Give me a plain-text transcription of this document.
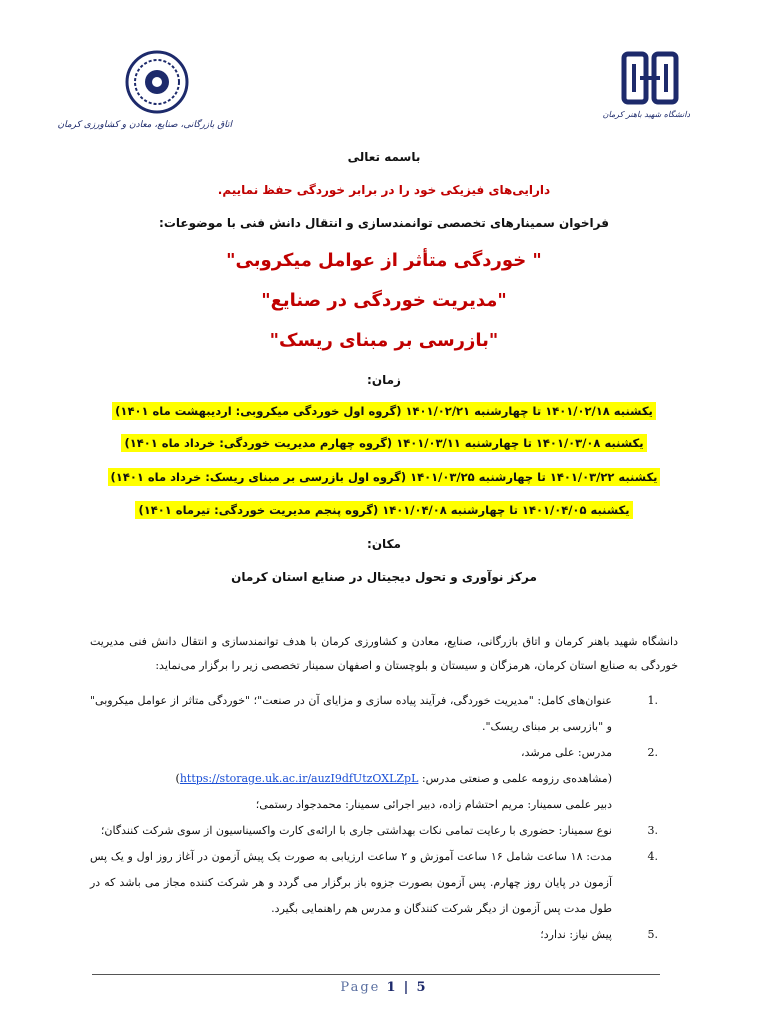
اتاق بازرگانی، صنایع، معادن و کشاورزی کرمان
دانشگاه شهید باهنر کرمان
باسمه تعالی
دارایی‌های فیزیکی خود را در برابر خوردگی حفظ نماییم.
فراخوان سمینارهای تخصصی توانمندسازی و انتقال دانش فنی با موضوعات:
" خوردگی متأثر از عوامل میکروبی"
"مدیریت خوردگی در صنایع"
"بازرسی بر مبنای ریسک"
زمان:
یکشنبه ۱۴۰۱/۰۲/۱۸ تا چهارشنبه ۱۴۰۱/۰۲/۲۱ (گروه اول خوردگی میکروبی: اردیبهشت ماه ۱۴۰۱)
یکشنبه ۱۴۰۱/۰۳/۰۸ تا چهارشنبه ۱۴۰۱/۰۳/۱۱ (گروه چهارم مدیریت خوردگی: خرداد ماه ۱۴۰۱)
یکشنبه ۱۴۰۱/۰۳/۲۲ تا چهارشنبه ۱۴۰۱/۰۳/۲۵ (گروه اول بازرسی بر مبنای ریسک: خرداد ماه ۱۴۰۱)
یکشنبه ۱۴۰۱/۰۴/۰۵ تا چهارشنبه ۱۴۰۱/۰۴/۰۸ (گروه پنجم مدیریت خوردگی: تیرماه ۱۴۰۱)
مکان:
مرکز نوآوری و تحول دیجیتال در صنایع استان کرمان
دانشگاه شهید باهنر کرمان و اتاق بازرگانی، صنایع، معادن و کشاورزی کرمان با هدف توانمندسازی و انتقال دانش فنی مدیریت خوردگی به صنایع استان کرمان، هرمزگان و سیستان و بلوچستان و اصفهان سمینار تخصصی زیر را برگزار می‌نماید:
1.
عنوان‌های کامل: "مدیریت خوردگی، فرآیند پیاده سازی و مزایای آن در صنعت"؛ "خوردگی متاثر از عوامل میکروبی" و "بازرسی بر مبنای ریسک".
2.
مدرس: علی مرشد،
(مشاهده‌ی رزومه علمی و صنعتی مدرس: https://storage.uk.ac.ir/auzI9dfUtzOXLZpL)
دبیر علمی سمینار: مریم احتشام زاده، دبیر اجرائی سمینار: محمدجواد رستمی؛
3.
نوع سمینار: حضوری با رعایت تمامی نکات بهداشتی جاری با ارائه‌ی کارت واکسیناسیون از سوی شرکت کنندگان؛
4.
مدت: ۱۸ ساعت شامل ۱۶ ساعت آموزش و ۲ ساعت ارزیابی به صورت یک پیش آزمون در آغاز روز اول و یک پس آزمون در پایان روز چهارم. پس آزمون بصورت جزوه باز برگزار می گردد و هر شرکت کننده مجاز می باشد که در طول مدت پس آزمون از دیگر شرکت کنندگان و مدرس هم راهنمایی بگیرد.
5.
پیش نیاز: ندارد؛
Page 1 | 5
